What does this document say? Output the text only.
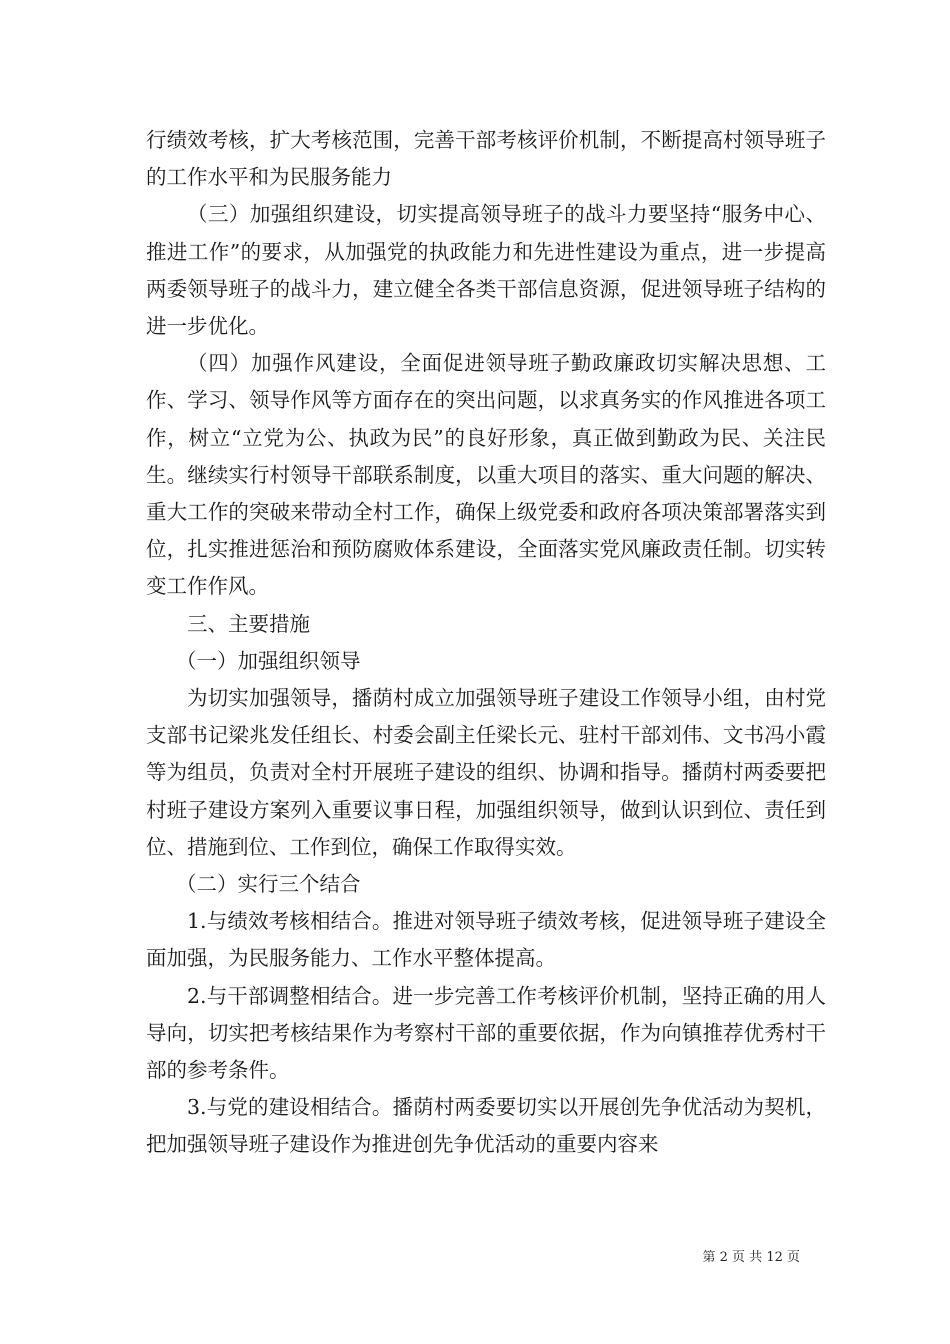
行绩效考核，扩大考核范围，完善干部考核评价机制，不断提高村领导班子的工作水平和为民服务能力

（三）加强组织建设，切实提高领导班子的战斗力要坚持“服务中心、推进工作”的要求，从加强党的执政能力和先进性建设为重点，进一步提高两委领导班子的战斗力，建立健全各类干部信息资源，促进领导班子结构的进一步优化。

（四）加强作风建设，全面促进领导班子勤政廉政切实解决思想、工作、学习、领导作风等方面存在的突出问题，以求真务实的作风推进各项工作，树立“立党为公、执政为民”的良好形象，真正做到勤政为民、关注民生。继续实行村领导干部联系制度，以重大项目的落实、重大问题的解决、重大工作的突破来带动全村工作，确保上级党委和政府各项决策部署落实到位，扎实推进惩治和预防腐败体系建设，全面落实党风廉政责任制。切实转变工作作风。

三、主要措施

（一）加强组织领导

为切实加强领导，播荫村成立加强领导班子建设工作领导小组，由村党支部书记梁兆发任组长、村委会副主任梁长元、驻村干部刘伟、文书冯小霞等为组员，负责对全村开展班子建设的组织、协调和指导。播荫村两委要把村班子建设方案列入重要议事日程，加强组织领导，做到认识到位、责任到位、措施到位、工作到位，确保工作取得实效。

（二）实行三个结合

1.与绩效考核相结合。推进对领导班子绩效考核，促进领导班子建设全面加强，为民服务能力、工作水平整体提高。

2.与干部调整相结合。进一步完善工作考核评价机制，坚持正确的用人导向，切实把考核结果作为考察村干部的重要依据，作为向镇推荐优秀村干部的参考条件。

3.与党的建设相结合。播荫村两委要切实以开展创先争优活动为契机，把加强领导班子建设作为推进创先争优活动的重要内容来

第 2 页 共 12 页
